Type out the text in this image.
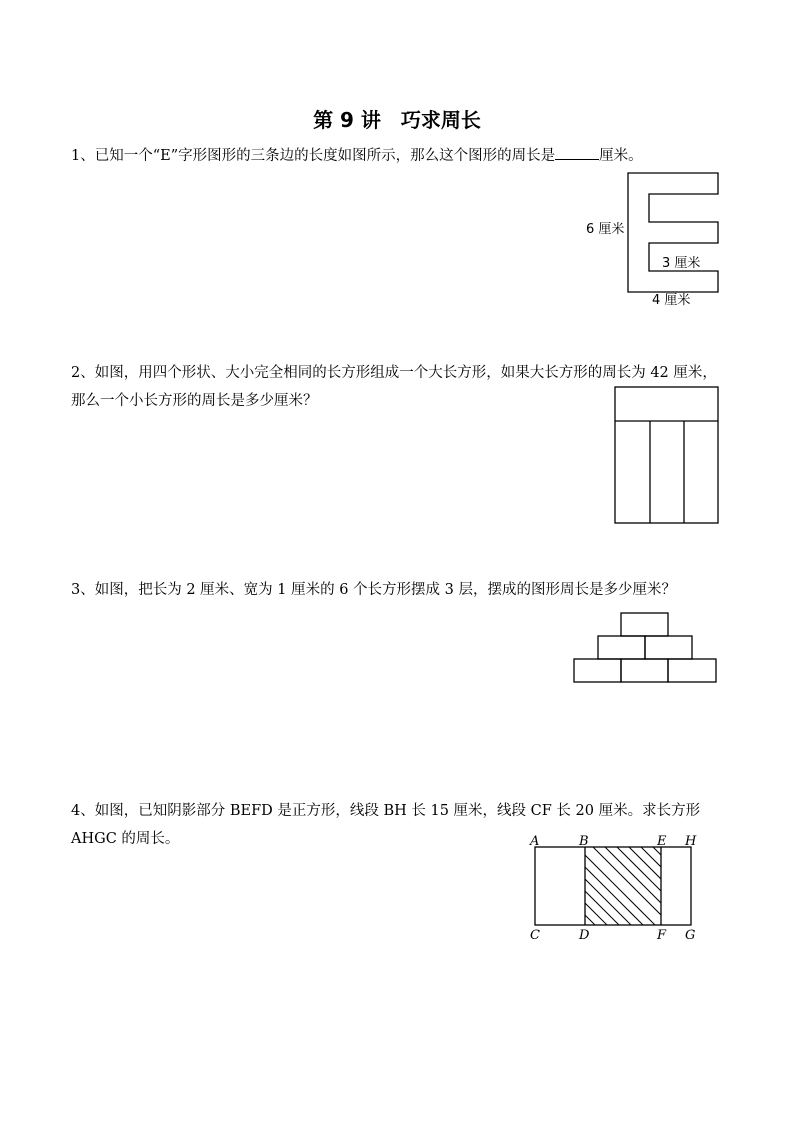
第 9 讲　巧求周长
1、已知一个“E”字形图形的三条边的长度如图所示，那么这个图形的周长是	厘米。
6 厘米
3 厘米
4 厘米
2、如图，用四个形状、大小完全相同的长方形组成一个大长方形，如果大长方形的周长为 42 厘米，那么一个小长方形的周长是多少厘米？
3、如图，把长为 2 厘米、宽为 1 厘米的 6 个长方形摆成 3 层，摆成的图形周长是多少厘米？
4、如图，已知阴影部分 BEFD 是正方形，线段 BH 长 15 厘米，线段 CF 长 20 厘米。求长方形 AHGC 的周长。	A	B	E H
C	D	F G
